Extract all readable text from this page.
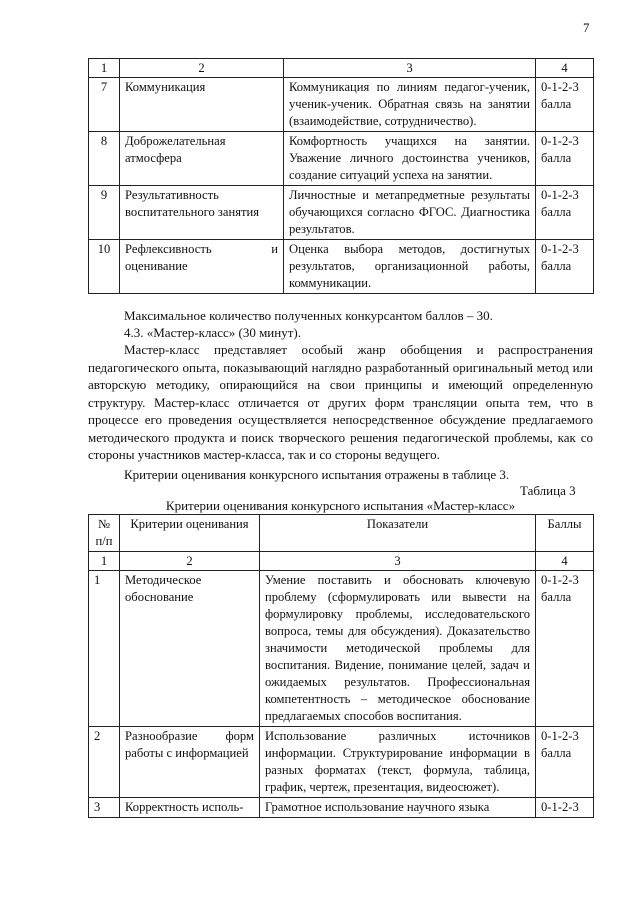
7
1	2	3	4
7	Коммуникация	Коммуникация по линиям педагог-ученик, ученик-ученик. Обратная связь на занятии (взаимодействие, сотрудничество).	0-1-2-3 балла
8	Доброжелательная атмосфера	Комфортность учащихся на занятии. Уважение личного достоинства учеников, создание ситуаций успеха на занятии.	0-1-2-3 балла
9	Результативность воспитательного занятия	Личностные и метапредметные результаты обучающихся согласно ФГОС. Диагностика результатов.	0-1-2-3 балла
10	Рефлексивность и оценивание	Оценка выбора методов, достигнутых результатов, организационной работы, коммуникации.	0-1-2-3 балла

Максимальное количество полученных конкурсантом баллов – 30.

4.3. «Мастер-класс» (30 минут).

Мастер-класс представляет особый жанр обобщения и распространения педагогического опыта, показывающий наглядно разработанный оригинальный метод или авторскую методику, опирающийся на свои принципы и имеющий определенную структуру. Мастер-класс отличается от других форм трансляции опыта тем, что в процессе его проведения осуществляется непосредственное обсуждение предлагаемого методического продукта и поиск творческого решения педагогической проблемы, как со стороны участников мастер-класса, так и со стороны ведущего.

Критерии оценивания конкурсного испытания отражены в таблице 3.

Таблица 3
Критерии оценивания конкурсного испытания «Мастер-класс»
№ п/п	Критерии оценивания	Показатели	Баллы
1	2	3	4
1	Методическое обоснование	Умение поставить и обосновать ключевую проблему (сформулировать или вывести на формулировку проблемы, исследовательского вопроса, темы для обсуждения). Доказательство значимости методической проблемы для воспитания. Видение, понимание целей, задач и ожидаемых результатов. Профессиональная компетентность – методическое обоснование предлагаемых способов воспитания.	0-1-2-3 балла
2	Разнообразие форм работы с информацией	Использование различных источников информации. Структурирование информации в разных форматах (текст, формула, таблица, график, чертеж, презентация, видеосюжет).	0-1-2-3 балла
3	Корректность исполь-	Грамотное использование научного языка	0-1-2-3
